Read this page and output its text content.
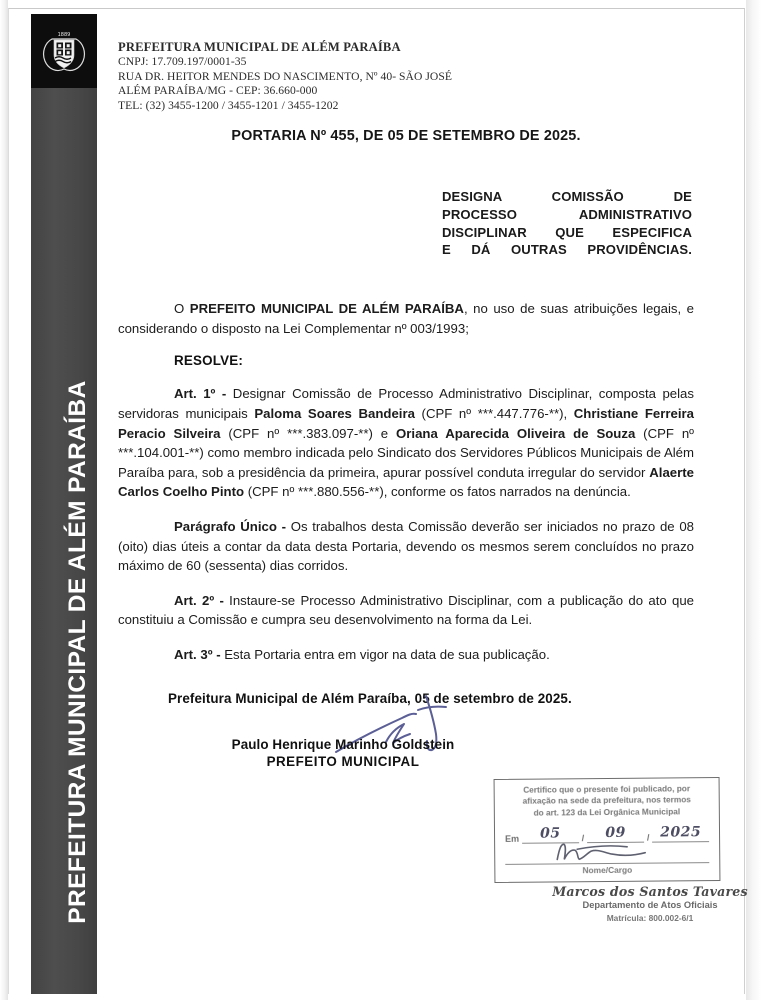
1889
PREFEITURA MUNICIPAL DE ALÉM PARAÍBA
PREFEITURA MUNICIPAL DE ALÉM PARAÍBA
CNPJ: 17.709.197/0001-35
RUA DR. HEITOR MENDES DO NASCIMENTO, Nº 40- SÃO JOSÉ
ALÉM PARAÍBA/MG - CEP: 36.660-000
TEL: (32) 3455-1200 / 3455-1201 / 3455-1202
PORTARIA Nº 455, DE 05 DE SETEMBRO DE 2025.
DESIGNA COMISSÃO DE
PROCESSO ADMINISTRATIVO
DISCIPLINAR QUE ESPECIFICA
E DÁ OUTRAS PROVIDÊNCIAS.

O PREFEITO MUNICIPAL DE ALÉM PARAÍBA, no uso de suas atribuições legais, e considerando o disposto na Lei Complementar nº 003/1993;

RESOLVE:

Art. 1º - Designar Comissão de Processo Administrativo Disciplinar, composta pelas servidoras municipais Paloma Soares Bandeira (CPF nº ***.447.776-**), Christiane Ferreira Peracio Silveira (CPF nº ***.383.097-**) e Oriana Aparecida Oliveira de Souza (CPF nº ***.104.001-**) como membro indicada pelo Sindicato dos Servidores Públicos Municipais de Além Paraíba para, sob a presidência da primeira, apurar possível conduta irregular do servidor Alaerte Carlos Coelho Pinto (CPF nº ***.880.556-**), conforme os fatos narrados na denúncia.

Parágrafo Único - Os trabalhos desta Comissão deverão ser iniciados no prazo de 08 (oito) dias úteis a contar da data desta Portaria, devendo os mesmos serem concluídos no prazo máximo de 60 (sessenta) dias corridos.

Art. 2º - Instaure-se Processo Administrativo Disciplinar, com a publicação do ato que constituiu a Comissão e cumpra seu desenvolvimento na forma da Lei.

Art. 3º - Esta Portaria entra em vigor na data de sua publicação.

Prefeitura Municipal de Além Paraíba, 05 de setembro de 2025.
Paulo Henrique Marinho Goldstein
PREFEITO MUNICIPAL
Certifico que o presente foi publicado, por
afixação na sede da prefeitura, nos termos
do art. 123 da Lei Orgânica Municipal
Em	05	/	09	/ 2025
Nome/Cargo
Marcos dos Santos Tavares
Departamento de Atos Oficiais
Matrícula: 800.002-6/1
